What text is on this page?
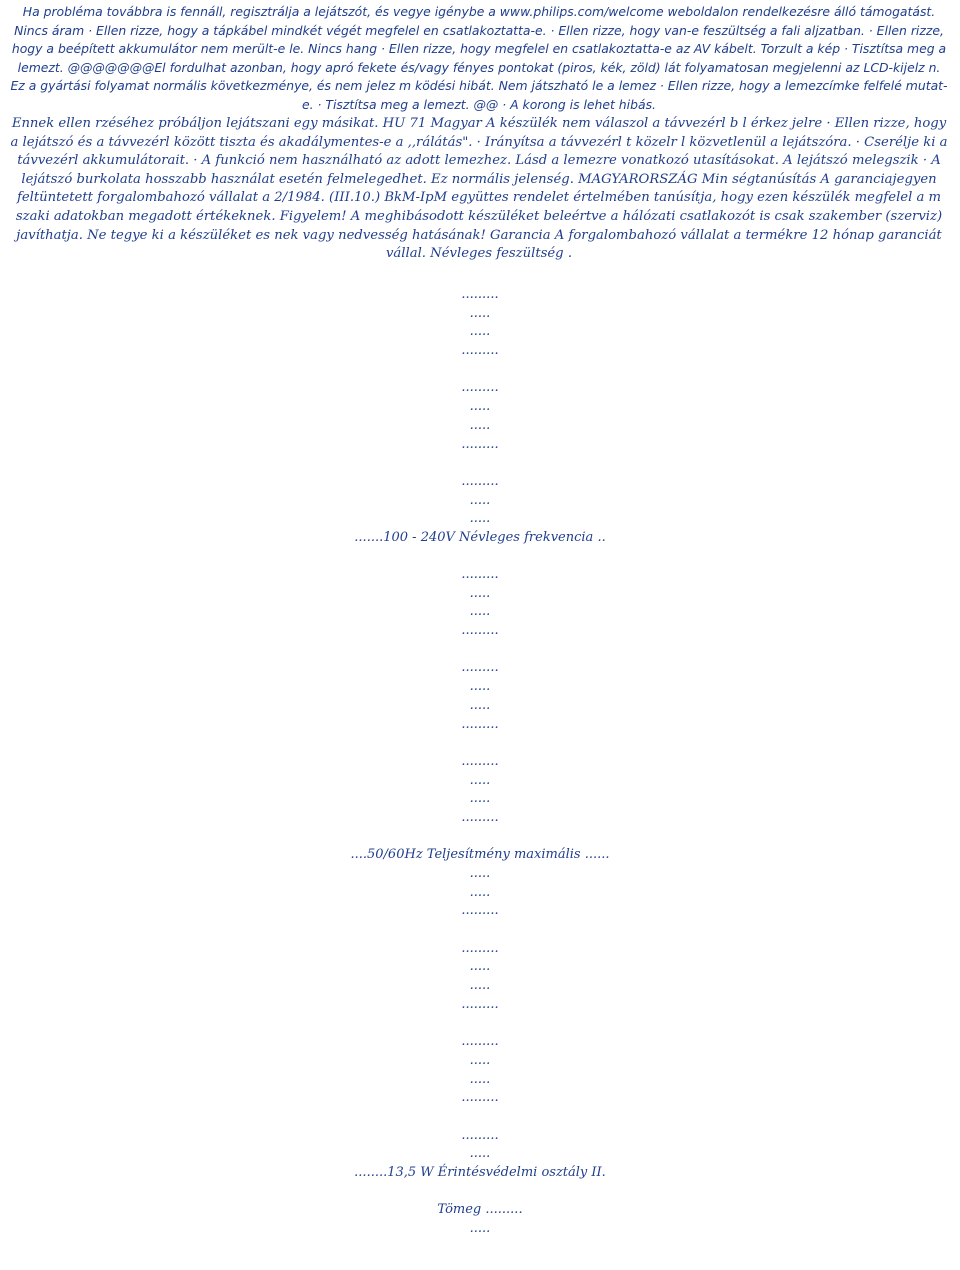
Ha probléma továbbra is fennáll, regisztrálja a lejátszót, és vegye igénybe a www.philips.com/welcome weboldalon rendelkezésre álló támogatást. Nincs áram · Ellen rizze, hogy a tápkábel mindkét végét megfelel en csatlakoztatta-e. · Ellen rizze, hogy van-e feszültség a fali aljzatban. · Ellen rizze, hogy a beépített akkumulátor nem merült-e le. Nincs hang · Ellen rizze, hogy megfelel en csatlakoztatta-e az AV kábelt. Torzult a kép · Tisztítsa meg a lemezt. @@@@@@@El fordulhat azonban, hogy apró fekete és/vagy fényes pontokat (piros, kék, zöld) lát folyamatosan megjelenni az LCD-kijelz n. Ez a gyártási folyamat normális következménye, és nem jelez m ködési hibát. Nem játszható le a lemez · Ellen rizze, hogy a lemezcímke felfelé mutat-e. · Tisztítsa meg a lemezt. @@ · A korong is lehet hibás.

Ennek ellen rzéséhez próbáljon lejátszani egy másikat. HU 71 Magyar A készülék nem válaszol a távvezérl b l érkez jelre · Ellen rizze, hogy a lejátszó és a távvezérl között tiszta és akadálymentes-e a ,,rálátás". · Irányítsa a távvezérl t közelr l közvetlenül a lejátszóra. · Cserélje ki a távvezérl akkumulátorait. · A funkció nem használható az adott lemezhez. Lásd a lemezre vonatkozó utasításokat. A lejátszó melegszik · A lejátszó burkolata hosszabb használat esetén felmelegedhet. Ez normális jelenség. MAGYARORSZÁG Min ségtanúsítás A garanciajegyen feltüntetett forgalombahozó vállalat a 2/1984. (III.10.) BkM-IpM együttes rendelet értelmében tanúsítja, hogy ezen készülék megfelel a m szaki adatokban megadott értékeknek. Figyelem! A meghibásodott készüléket beleértve a hálózati csatlakozót is csak szakember (szerviz) javíthatja. Ne tegye ki a készüléket es nek vagy nedvesség hatásának! Garancia A forgalombahozó vállalat a termékre 12 hónap garanciát vállal. Névleges feszültség .

.........
.....
.....
.........
.........
.....
.....
.........
.........
.....
.....
.......100 - 240V Névleges frekvencia ..
.........
.....
.....
.........
.........
.....
.....
.........
.........
.....
.....
.........
....50/60Hz Teljesítmény maximális ......
.....
.....
.........
.........
.....
.....
.........
.........
.....
.....
.........
.........
.....
........13,5 W Érintésvédelmi osztály II.
Tömeg .........
.....
